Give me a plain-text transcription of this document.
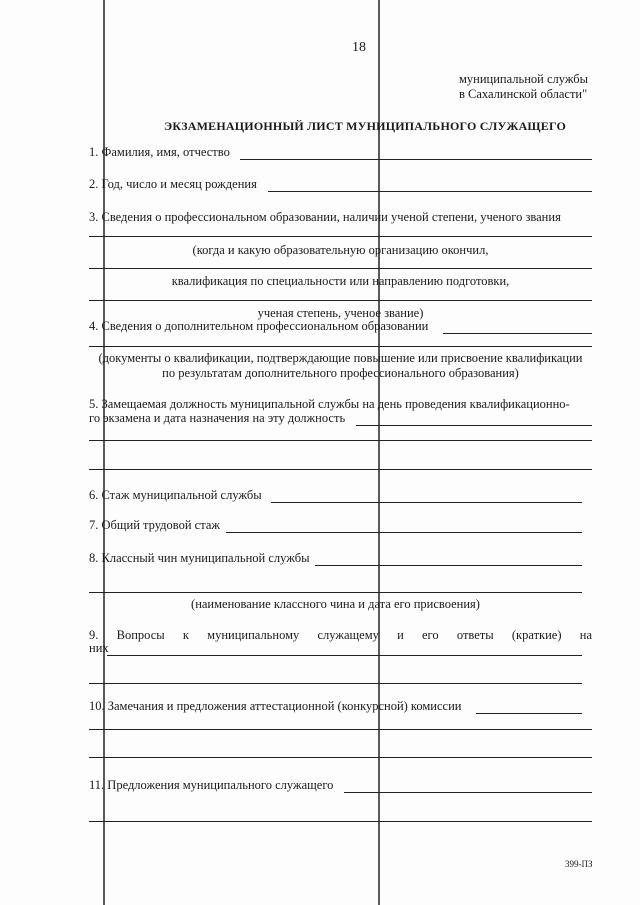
18
муниципальной службы
в Сахалинской области"
ЭКЗАМЕНАЦИОННЫЙ ЛИСТ МУНИЦИПАЛЬНОГО СЛУЖАЩЕГО
1. Фамилия, имя, отчество
2. Год, число и месяц рождения
3. Сведения о профессиональном образовании, наличии ученой степени, ученого звания
(когда и какую образовательную организацию окончил,
квалификация по специальности или направлению подготовки,
ученая степень, ученое звание)
4. Сведения о дополнительном профессиональном образовании
(документы о квалификации, подтверждающие повышение или присвоение квалификации
по результатам дополнительного профессионального образования)
5. Замещаемая должность муниципальной службы на день проведения квалификационно-
го экзамена и дата назначения на эту должность
6. Стаж муниципальной службы
7. Общий трудовой стаж
8. Классный чин муниципальной службы
(наименование классного чина и дата его присвоения)
9. Вопросы к муниципальному служащему и его ответы (краткие) на
них
10. Замечания и предложения аттестационной (конкурсной) комиссии
11. Предложения муниципального служащего
399-ПЗ
